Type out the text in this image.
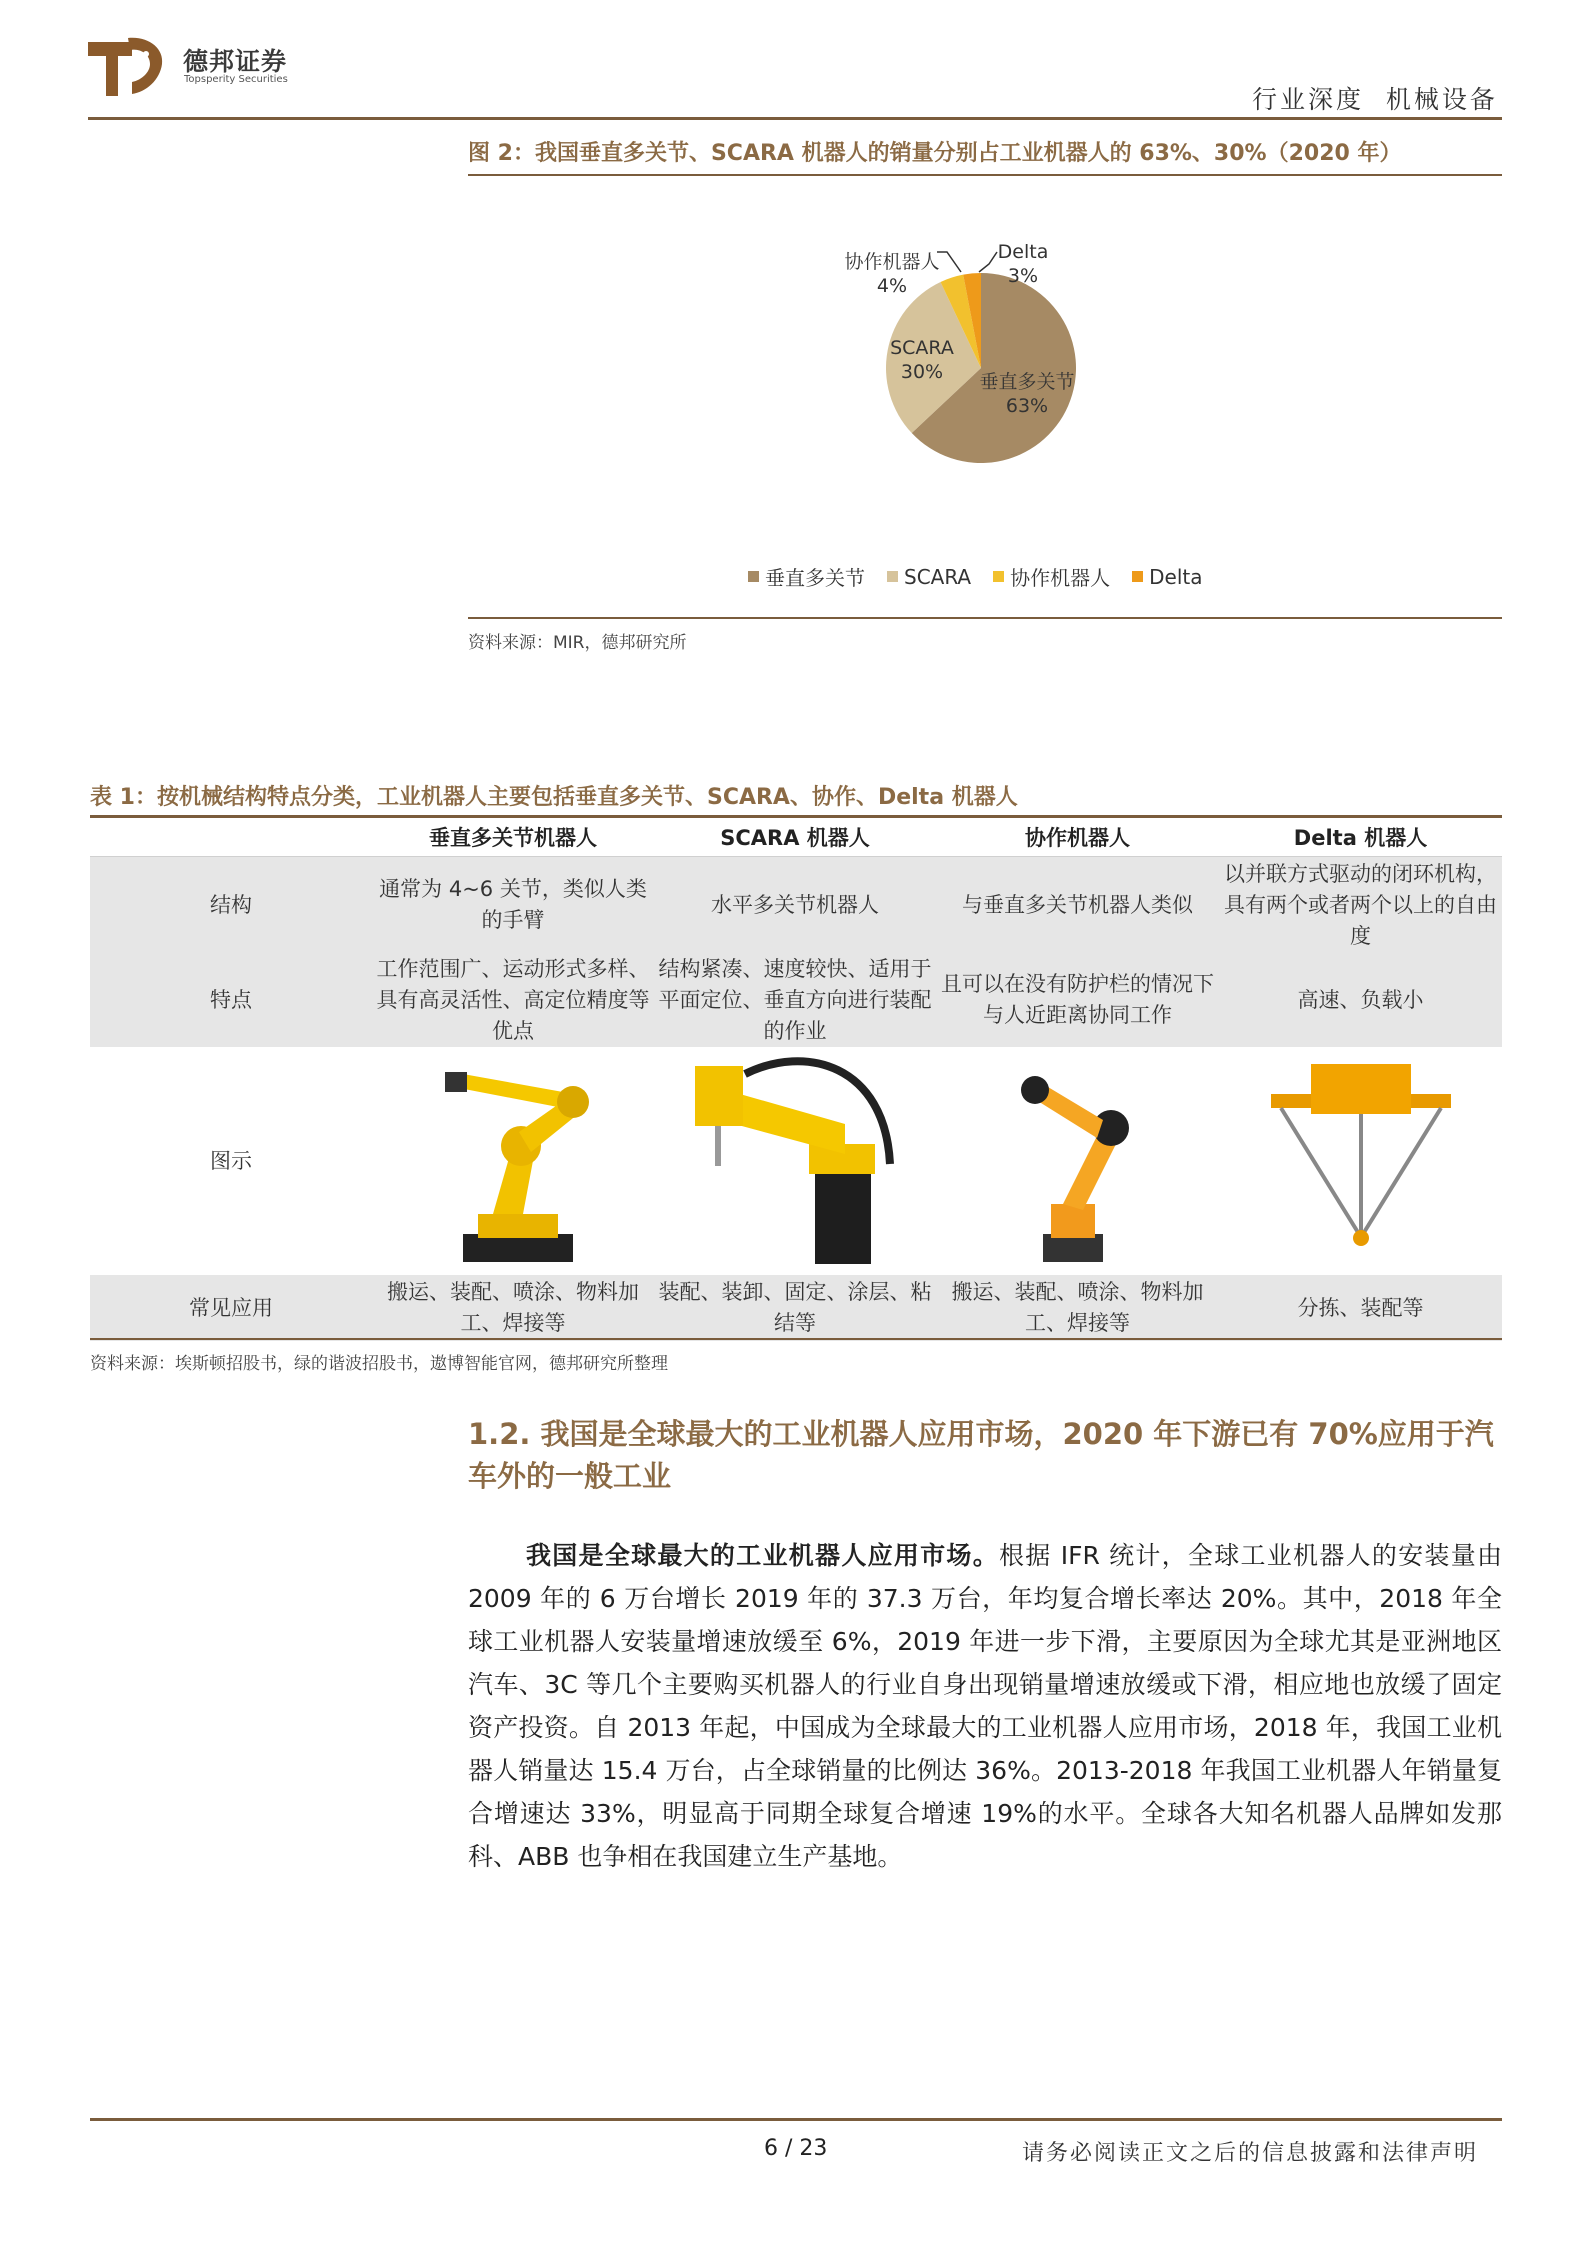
德邦证券
Topsperity Securities
行业深度 机械设备
图 2：我国垂直多关节、SCARA 机器人的销量分别占工业机器人的 63%、30%（2020 年）
垂直多关节
63%
SCARA
30%
协作机器人
4%
Delta
3%
垂直多关节 SCARA 协作机器人 Delta
资料来源：MIR，德邦研究所
表 1：按机械结构特点分类，工业机器人主要包括垂直多关节、SCARA、协作、Delta 机器人
	垂直多关节机器人	SCARA 机器人	协作机器人	Delta 机器人
结构	通常为 4~6 关节，类似人类的手臂	水平多关节机器人	与垂直多关节机器人类似	以并联方式驱动的闭环机构，具有两个或者两个以上的自由度
特点	工作范围广、运动形式多样、具有高灵活性、高定位精度等优点	结构紧凑、速度较快、适用于平面定位、垂直方向进行装配的作业	且可以在没有防护栏的情况下与人近距离协同工作	高速、负载小
图示	

常见应用	搬运、装配、喷涂、物料加工、焊接等	装配、装卸、固定、涂层、粘结等	搬运、装配、喷涂、物料加工、焊接等	分拣、装配等
资料来源：埃斯顿招股书，绿的谐波招股书，遨博智能官网，德邦研究所整理
1.2. 我国是全球最大的工业机器人应用市场，2020 年下游已有 70%应用于汽车外的一般工业
我国是全球最大的工业机器人应用市场。根据 IFR 统计，全球工业机器人的安装量由 2009 年的 6 万台增长 2019 年的 37.3 万台，年均复合增长率达 20%。其中，2018 年全球工业机器人安装量增速放缓至 6%，2019 年进一步下滑，主要原因为全球尤其是亚洲地区汽车、3C 等几个主要购买机器人的行业自身出现销量增速放缓或下滑，相应地也放缓了固定资产投资。自 2013 年起，中国成为全球最大的工业机器人应用市场，2018 年，我国工业机器人销量达 15.4 万台，占全球销量的比例达 36%。2013-2018 年我国工业机器人年销量复合增速达 33%，明显高于同期全球复合增速 19%的水平。全球各大知名机器人品牌如发那科、ABB 也争相在我国建立生产基地。
6 / 23	请务必阅读正文之后的信息披露和法律声明
